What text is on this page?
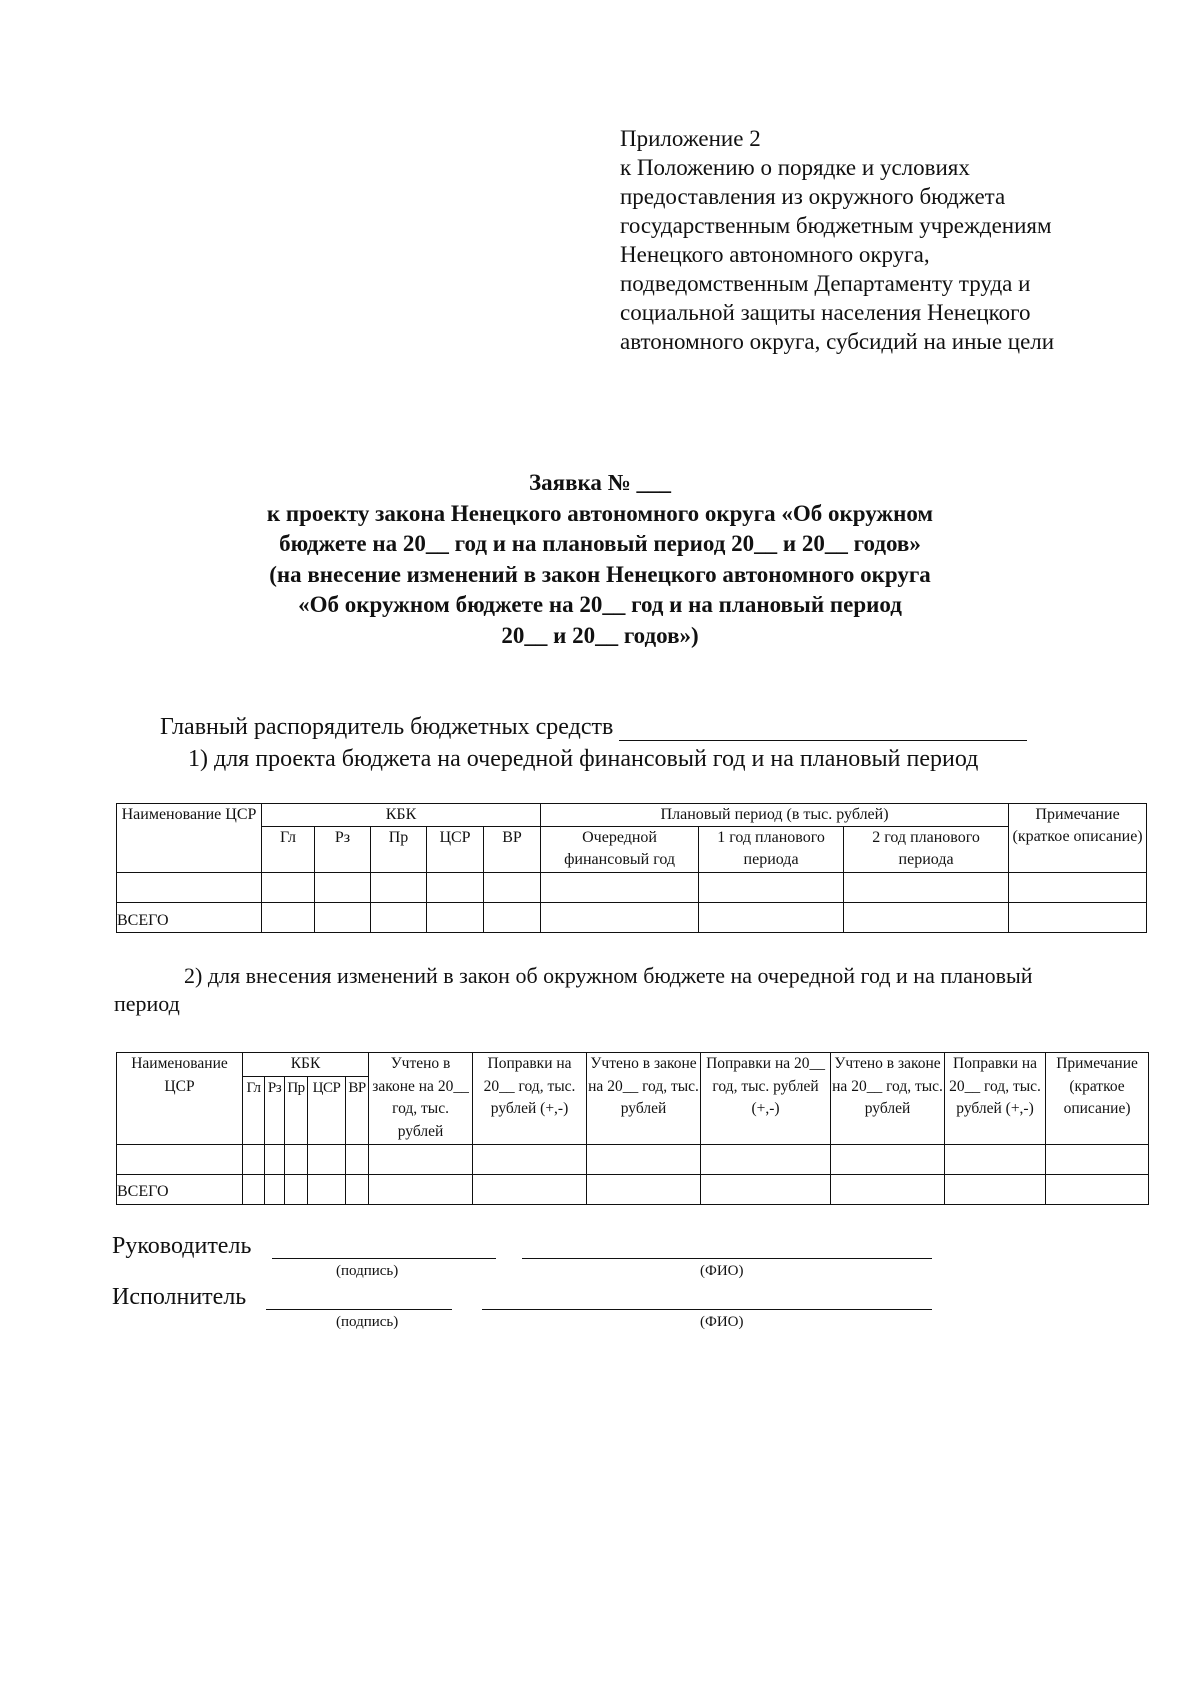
Приложение 2
к Положению о порядке и условиях
предоставления из окружного бюджета
государственным бюджетным учреждениям
Ненецкого автономного округа,
подведомственным Департаменту труда и
социальной защиты населения Ненецкого
автономного округа, субсидий на иные цели
Заявка № ___
к проекту закона Ненецкого автономного округа «Об окружном
бюджете на 20__ год и на плановый период 20__ и 20__ годов»
(на внесение изменений в закон Ненецкого автономного округа
«Об окружном бюджете на 20__ год и на плановый период
20__ и 20__ годов»)
Главный распорядитель бюджетных средств
1) для проекта бюджета на очередной финансовый год и на плановый период
Наименование ЦСР	КБК					Плановый период (в тыс. рублей)			Примечание (краткое описание)
	Гл	Рз	Пр	ЦСР	ВР	Очередной финансовый год	1 год планового периода	2 год планового периода	

ВСЕГО									
2) для внесения изменений в закон об окружном бюджете на очередной год и на плановый
период
Наименование ЦСР	КБК					Учтено в законе на 20__ год, тыс. рублей	Поправки на 20__ год, тыс. рублей (+,-)	Учтено в законе на 20__ год, тыс. рублей	Поправки на 20__ год, тыс. рублей (+,-)	Учтено в законе на 20__ год, тыс. рублей	Поправки на 20__ год, тыс. рублей (+,-)	Примечание (краткое описание)
	Гл	Рз	Пр	ЦСР	ВР							

ВСЕГО												
Руководитель
(подпись)	(ФИО)
Исполнитель
(подпись)	(ФИО)
